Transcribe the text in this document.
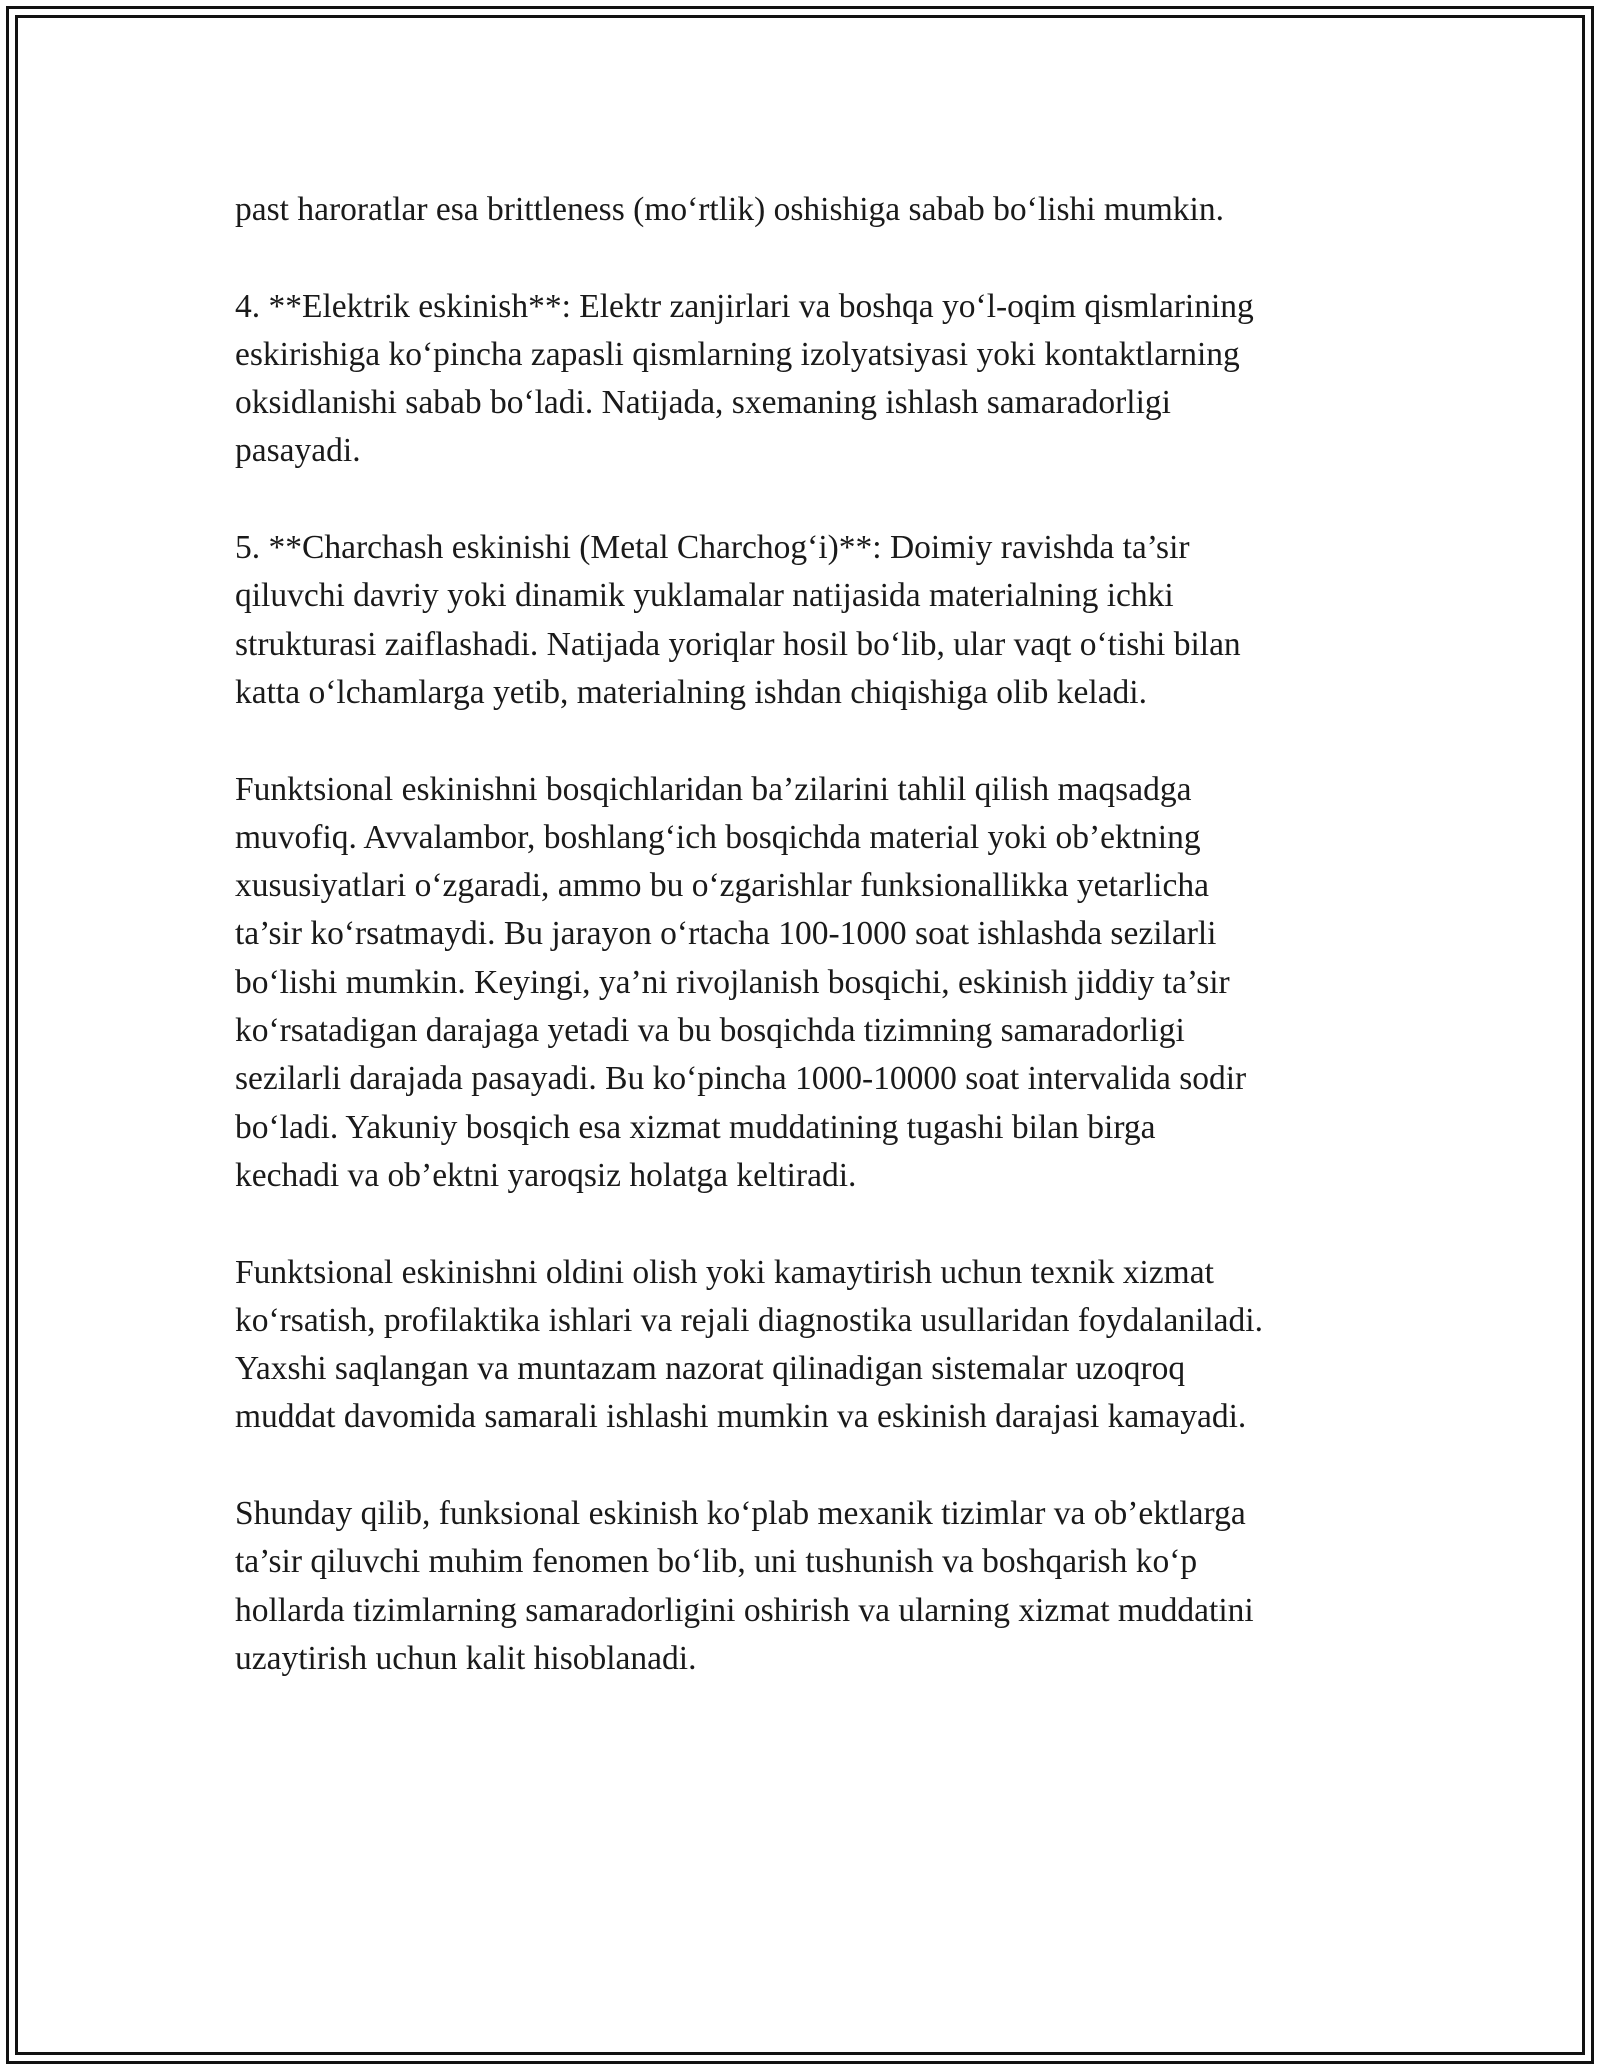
past haroratlar esa brittleness (moʻrtlik) oshishiga sabab boʻlishi mumkin.

4. **Elektrik eskinish**: Elektr zanjirlari va boshqa yoʻl-oqim qismlarining
eskirishiga koʻpincha zapasli qismlarning izolyatsiyasi yoki kontaktlarning
oksidlanishi sabab boʻladi. Natijada, sxemaning ishlash samaradorligi
pasayadi.

5. **Charchash eskinishi (Metal Charchogʻi)**: Doimiy ravishda ta’sir
qiluvchi davriy yoki dinamik yuklamalar natijasida materialning ichki
strukturasi zaiflashadi. Natijada yoriqlar hosil boʻlib, ular vaqt oʻtishi bilan
katta oʻlchamlarga yetib, materialning ishdan chiqishiga olib keladi.

Funktsional eskinishni bosqichlaridan ba’zilarini tahlil qilish maqsadga
muvofiq. Avvalambor, boshlangʻich bosqichda material yoki ob’ektning
xususiyatlari oʻzgaradi, ammo bu oʻzgarishlar funksionallikka yetarlicha
ta’sir koʻrsatmaydi. Bu jarayon oʻrtacha 100-1000 soat ishlashda sezilarli
boʻlishi mumkin. Keyingi, ya’ni rivojlanish bosqichi, eskinish jiddiy ta’sir
koʻrsatadigan darajaga yetadi va bu bosqichda tizimning samaradorligi
sezilarli darajada pasayadi. Bu koʻpincha 1000-10000 soat intervalida sodir
boʻladi. Yakuniy bosqich esa xizmat muddatining tugashi bilan birga
kechadi va ob’ektni yaroqsiz holatga keltiradi.

Funktsional eskinishni oldini olish yoki kamaytirish uchun texnik xizmat
koʻrsatish, profilaktika ishlari va rejali diagnostika usullaridan foydalaniladi.
Yaxshi saqlangan va muntazam nazorat qilinadigan sistemalar uzoqroq
muddat davomida samarali ishlashi mumkin va eskinish darajasi kamayadi.

Shunday qilib, funksional eskinish koʻplab mexanik tizimlar va ob’ektlarga
ta’sir qiluvchi muhim fenomen boʻlib, uni tushunish va boshqarish koʻp
hollarda tizimlarning samaradorligini oshirish va ularning xizmat muddatini
uzaytirish uchun kalit hisoblanadi.
